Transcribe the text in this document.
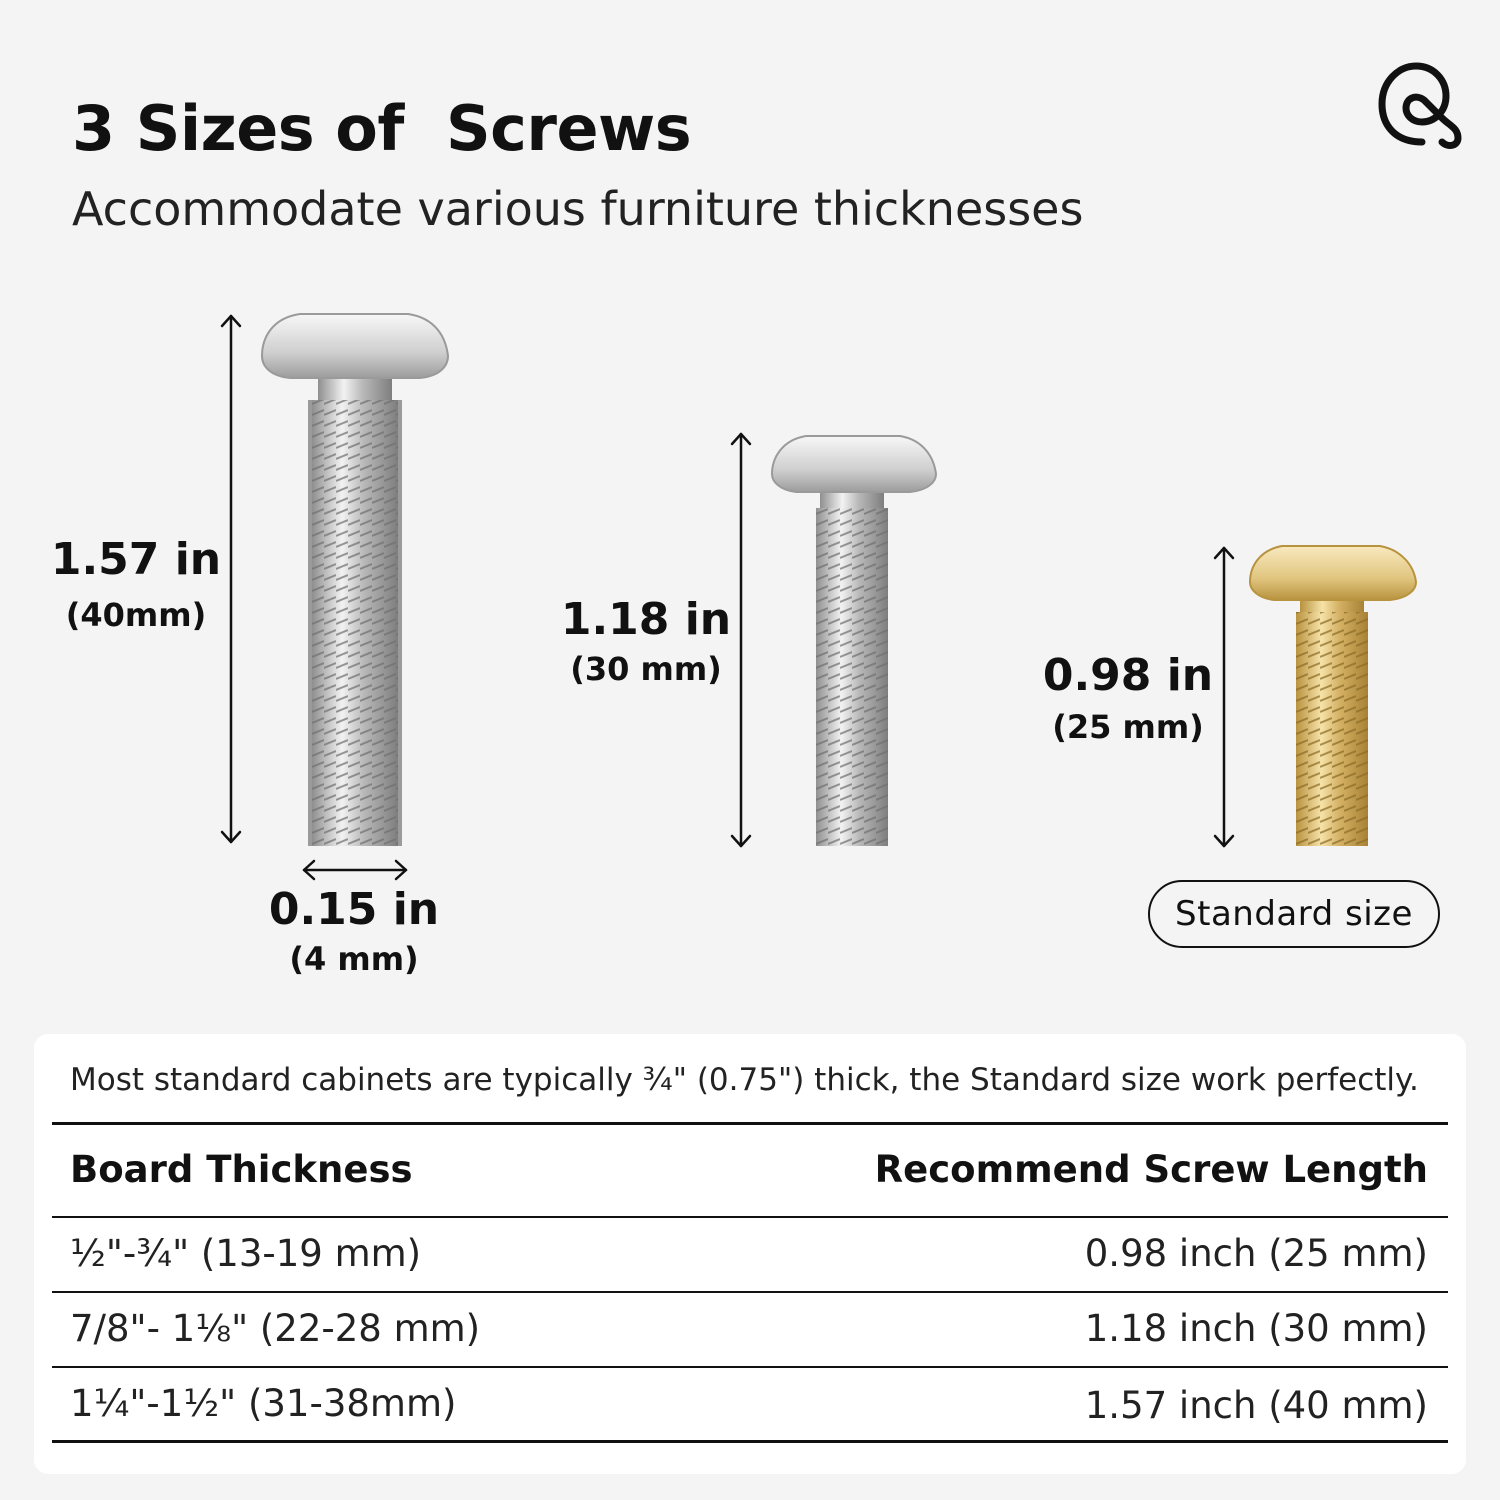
3 Sizes of  Screws
Accommodate various furniture thicknesses
1.57 in
(40mm)	1.18 in
(30 mm)	0.98 in
(25 mm)
0.15 in
(4 mm)
Standard size
Most standard cabinets are typically ¾" (0.75") thick, the Standard size work perfectly.
Board Thickness	Recommend Screw Length
½"-¾" (13-19 mm)	0.98 inch (25 mm)
7/8"- 1⅛" (22-28 mm)	1.18 inch (30 mm)
1¼"-1½" (31-38mm)	1.57 inch (40 mm)
